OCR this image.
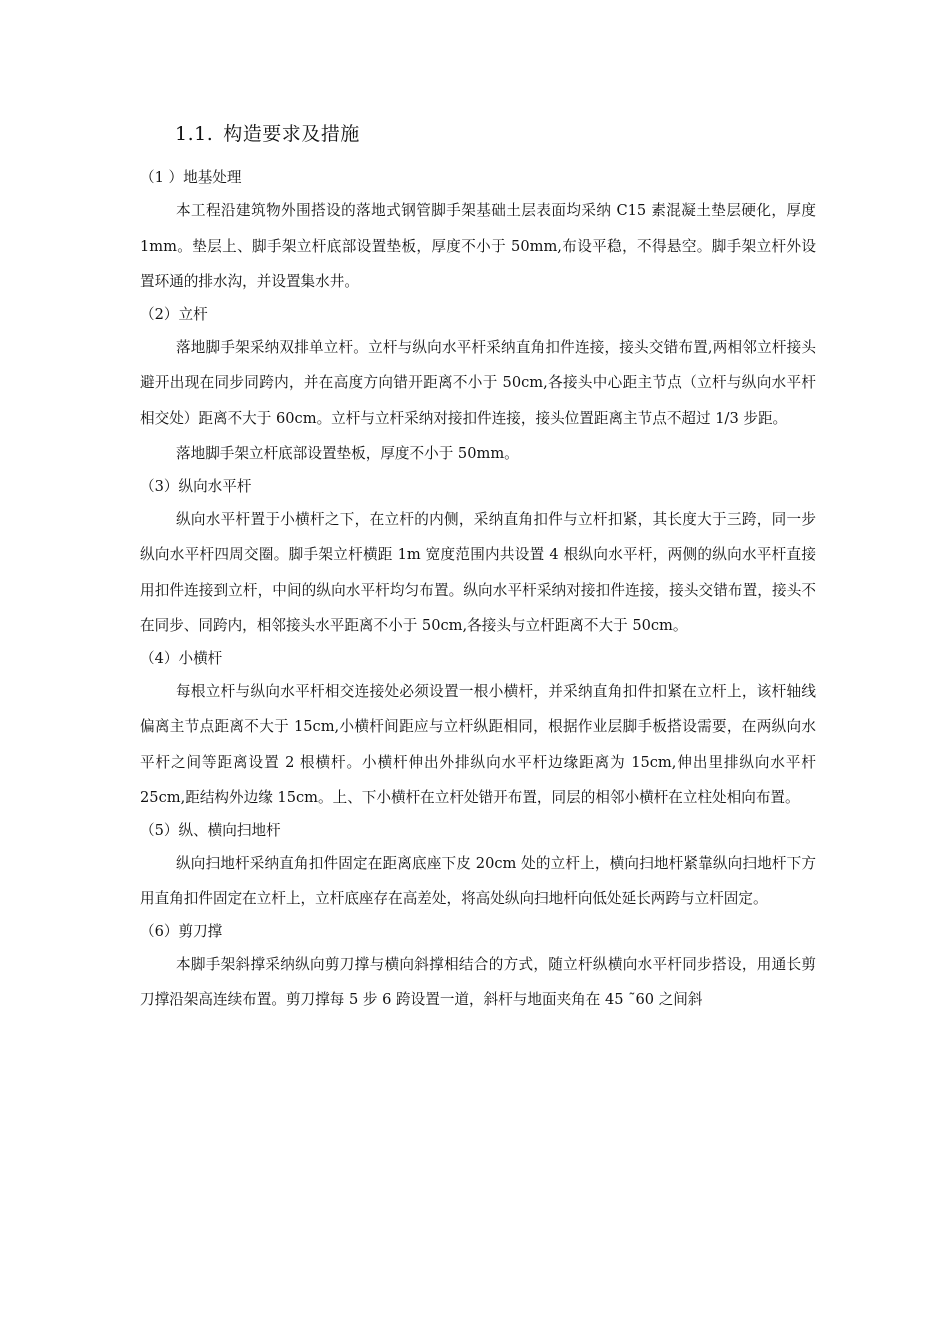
1.1. 构造要求及措施
（1 ）地基处理

本工程沿建筑物外围搭设的落地式钢管脚手架基础土层表面均采纳 C15 素混凝土垫层硬化，厚度 1mm。垫层上、脚手架立杆底部设置垫板，厚度不小于 50mm,布设平稳，不得悬空。脚手架立杆外设置环通的排水沟，并设置集水井。

（2）立杆

落地脚手架采纳双排单立杆。立杆与纵向水平杆采纳直角扣件连接，接头交错布置,两相邻立杆接头避开出现在同步同跨内，并在高度方向错开距离不小于 50cm,各接头中心距主节点（立杆与纵向水平杆相交处）距离不大于 60cm。立杆与立杆采纳对接扣件连接，接头位置距离主节点不超过 1/3 步距。

落地脚手架立杆底部设置垫板，厚度不小于 50mm。

（3）纵向水平杆

纵向水平杆置于小横杆之下，在立杆的内侧，采纳直角扣件与立杆扣紧，其长度大于三跨，同一步纵向水平杆四周交圈。脚手架立杆横距 1m 宽度范围内共设置 4 根纵向水平杆，两侧的纵向水平杆直接用扣件连接到立杆，中间的纵向水平杆均匀布置。纵向水平杆采纳对接扣件连接，接头交错布置，接头不在同步、同跨内，相邻接头水平距离不小于 50cm,各接头与立杆距离不大于 50cm。

（4）小横杆

每根立杆与纵向水平杆相交连接处必须设置一根小横杆，并采纳直角扣件扣紧在立杆上，该杆轴线偏离主节点距离不大于 15cm,小横杆间距应与立杆纵距相同，根据作业层脚手板搭设需要，在两纵向水平杆之间等距离设置 2 根横杆。小横杆伸出外排纵向水平杆边缘距离为 15cm,伸出里排纵向水平杆 25cm,距结构外边缘 15cm。上、下小横杆在立杆处错开布置，同层的相邻小横杆在立柱处相向布置。

（5）纵、横向扫地杆

纵向扫地杆采纳直角扣件固定在距离底座下皮 20cm 处的立杆上，横向扫地杆紧靠纵向扫地杆下方用直角扣件固定在立杆上，立杆底座存在高差处，将高处纵向扫地杆向低处延长两跨与立杆固定。

（6）剪刀撑

本脚手架斜撑采纳纵向剪刀撑与横向斜撑相结合的方式，随立杆纵横向水平杆同步搭设，用通长剪刀撑沿架高连续布置。剪刀撑每 5 步 6 跨设置一道，斜杆与地面夹角在 45 ˜60 之间斜
